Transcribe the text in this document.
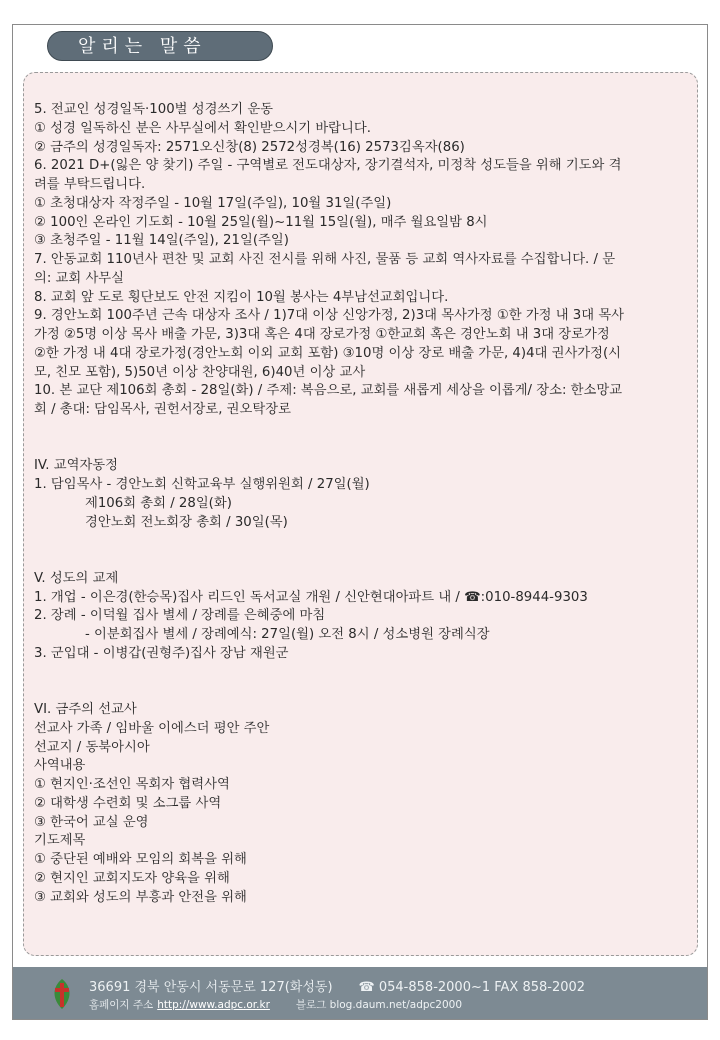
알리는 말씀
5. 전교인 성경일독·100벌 성경쓰기 운동
① 성경 일독하신 분은 사무실에서 확인받으시기 바랍니다.
② 금주의 성경일독자: 2571오신창(8) 2572성경복(16) 2573김옥자(86)
6. 2021 D+(잃은 양 찾기) 주일 - 구역별로 전도대상자, 장기결석자, 미정착 성도들을 위해 기도와 격
려를 부탁드립니다.
① 초청대상자 작정주일 - 10월 17일(주일), 10월 31일(주일)
② 100인 온라인 기도회 - 10월 25일(월)~11월 15일(월), 매주 월요일밤 8시
③ 초청주일 - 11월 14일(주일), 21일(주일)
7. 안동교회 110년사 편찬 및 교회 사진 전시를 위해 사진, 물품 등 교회 역사자료를 수집합니다. / 문
의: 교회 사무실
8. 교회 앞 도로 횡단보도 안전 지킴이 10월 봉사는 4부남선교회입니다.
9. 경안노회 100주년 근속 대상자 조사 / 1)7대 이상 신앙가정, 2)3대 목사가정 ①한 가정 내 3대 목사
가정 ②5명 이상 목사 배출 가문, 3)3대 혹은 4대 장로가정 ①한교회 혹은 경안노회 내 3대 장로가정
②한 가정 내 4대 장로가정(경안노회 이외 교회 포함) ③10명 이상 장로 배출 가문, 4)4대 권사가정(시
모, 친모 포함), 5)50년 이상 찬양대원, 6)40년 이상 교사
10. 본 교단 제106회 총회 - 28일(화) / 주제: 복음으로, 교회를 새롭게 세상을 이롭게/ 장소: 한소망교
회 / 총대: 담임목사, 권헌서장로, 권오탁장로
IV. 교역자동정
1. 담임목사 - 경안노회 신학교육부 실행위원회 / 27일(월)
제106회 총회 / 28일(화)
경안노회 전노회장 총회 / 30일(목)
V. 성도의 교제
1. 개업 - 이은경(한승목)집사 리드인 독서교실 개원 / 신안현대아파트 내 / ☎:010-8944-9303
2. 장례 - 이덕월 집사 별세 / 장례를 은혜중에 마침
- 이분회집사 별세 / 장례예식: 27일(월) 오전 8시 / 성소병원 장례식장
3. 군입대 - 이병갑(권형주)집사 장남 재원군
VI. 금주의 선교사
선교사 가족 / 임바울 이에스더 평안 주안
선교지 / 동북아시아
사역내용
① 현지인·조선인 목회자 협력사역
② 대학생 수련회 및 소그룹 사역
③ 한국어 교실 운영
기도제목
① 중단된 예배와 모임의 회복을 위해
② 현지인 교회지도자 양육을 위해
③ 교회와 성도의 부흥과 안전을 위해
36691 경북 안동시 서동문로 127(화성동) ☎ 054-858-2000~1 FAX 858-2002
홈페이지 주소 http://www.adpc.or.kr 블로그 blog.daum.net/adpc2000
